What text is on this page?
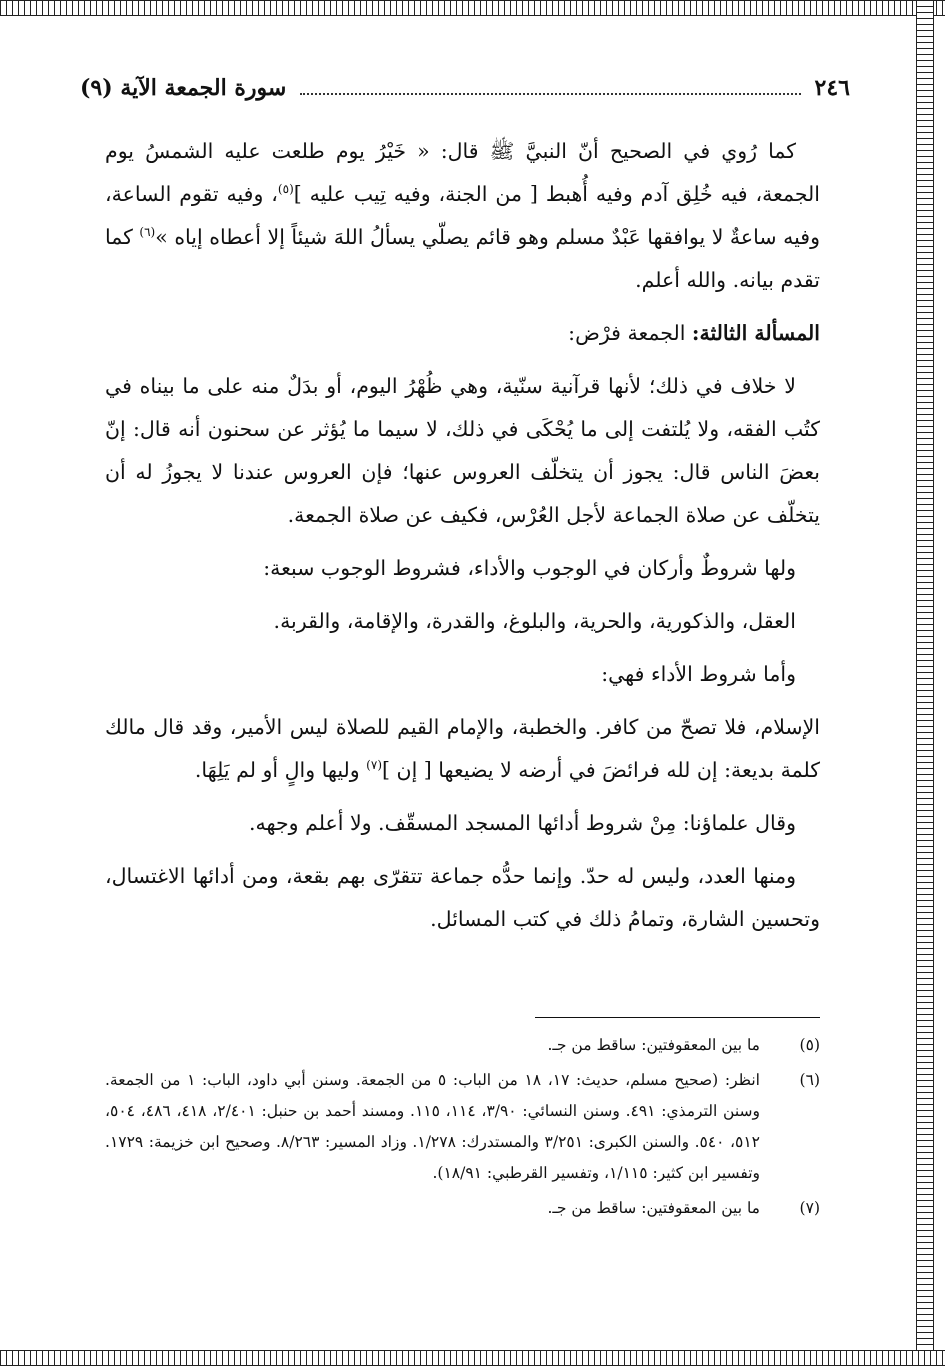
٢٤٦
سورة الجمعة الآية (٩)

كما رُوي في الصحيح أنّ النبيَّ ﷺ قال: « خَيْرُ يوم طلعت عليه الشمسُ يوم الجمعة، فيه خُلِق آدم وفيه أُهبط [ من الجنة، وفيه تِيب عليه ]$^{(٥)}$، وفيه تقوم الساعة، وفيه ساعةٌ لا يوافقها عَبْدٌ مسلم وهو قائم يصلّي يسألُ اللهَ شيئاً إلا أعطاه إياه »$^{(٦)}$ كما تقدم بيانه. والله أعلم.

المسألة الثالثة: الجمعة فرْض:

لا خلاف في ذلك؛ لأنها قرآنية سنّية، وهي ظُهْرُ اليوم، أو بدَلٌ منه على ما بيناه في كتُب الفقه، ولا يُلتفت إلى ما يُحْكَى في ذلك، لا سيما ما يُؤثر عن سحنون أنه قال: إنّ بعضَ الناس قال: يجوز أن يتخلّف العروس عنها؛ فإن العروس عندنا لا يجوزُ له أن يتخلّف عن صلاة الجماعة لأجل العُرْس، فكيف عن صلاة الجمعة.

ولها شروطٌ وأركان في الوجوب والأداء، فشروط الوجوب سبعة:

العقل، والذكورية، والحرية، والبلوغ، والقدرة، والإقامة، والقربة.

وأما شروط الأداء فهي:

الإسلام، فلا تصحّ من كافر. والخطبة، والإمام القيم للصلاة ليس الأمير، وقد قال مالك كلمة بديعة: إن لله فرائضَ في أرضه لا يضيعها [ إن ]$^{(٧)}$ وليها والٍ أو لم يَلِهَا.

وقال علماؤنا: مِنْ شروط أدائها المسجد المسقّف. ولا أعلم وجهه.

ومنها العدد، وليس له حدّ. وإنما حدُّه جماعة تتقرّى بهم بقعة، ومن أدائها الاغتسال، وتحسين الشارة، وتمامُ ذلك في كتب المسائل.

(٥)
ما بين المعقوفتين: ساقط من جـ.
(٦)
انظر: (صحيح مسلم، حديث: ١٧، ١٨ من الباب: ٥ من الجمعة. وسنن أبي داود، الباب: ١ من الجمعة. وسنن الترمذي: ٤٩١. وسنن النسائي: ٣/٩٠، ١١٤، ١١٥. ومسند أحمد بن حنبل: ٢/٤٠١، ٤١٨، ٤٨٦، ٥٠٤، ٥١٢، ٥٤٠. والسنن الكبرى: ٣/٢٥١ والمستدرك: ١/٢٧٨. وزاد المسير: ٨/٢٦٣. وصحيح ابن خزيمة: ١٧٢٩. وتفسير ابن كثير: ١/١١٥، وتفسير القرطبي: ١٨/٩١).
(٧)
ما بين المعقوفتين: ساقط من جـ.
